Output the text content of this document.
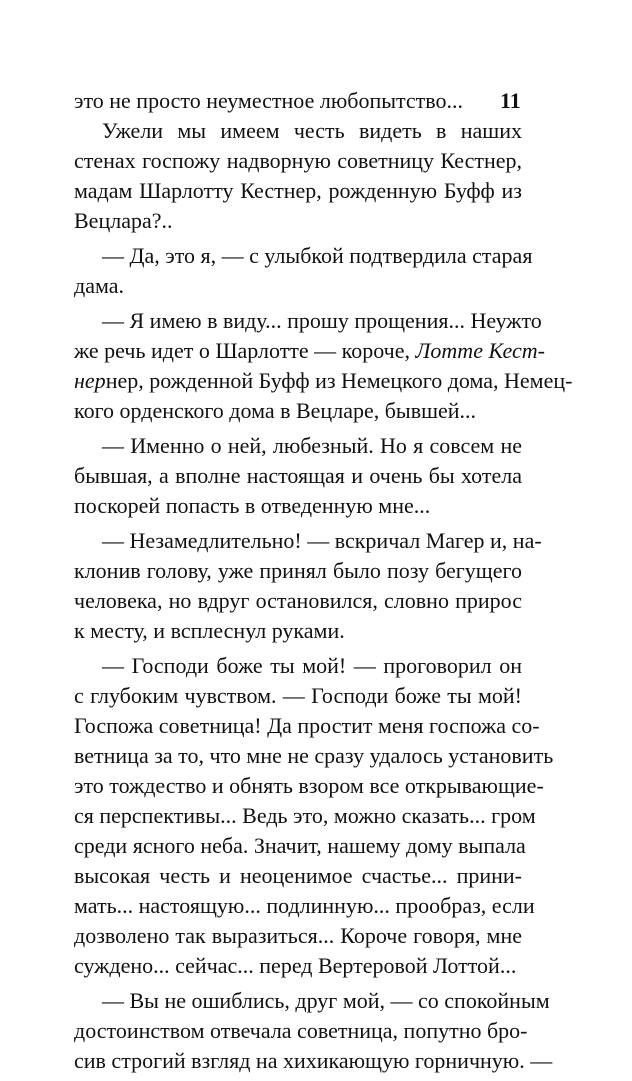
11
это не просто неуместное любопытство...
Ужели мы имеем честь видеть в наших
стенах госпожу надворную советницу Кестнер,
мадам Шарлотту Кестнер, рожденную Буфф из
Вецлара?..
— Да, это я, — с улыбкой подтвердила старая
дама.
— Я имею в виду... прошу прощения... Неужто
же речь идет о Шарлотте — короче, Лотте Кест-
нернер, рожденной Буфф из Немецкого дома, Немец-
кого орденского дома в Вецларе, бывшей...
— Именно о ней, любезный. Но я совсем не
бывшая, а вполне настоящая и очень бы хотела
поскорей попасть в отведенную мне...
— Незамедлительно! — вскричал Магер и, на-
клонив голову, уже принял было позу бегущего
человека, но вдруг остановился, словно прирос
к месту, и всплеснул руками.
— Господи боже ты мой! — проговорил он
с глубоким чувством. — Господи боже ты мой!
Госпожа советница! Да простит меня госпожа со-
ветница за то, что мне не сразу удалось установить
это тождество и обнять взором все открывающие-
ся перспективы... Ведь это, можно сказать... гром
среди ясного неба. Значит, нашему дому выпала
высокая честь и неоценимое счастье... прини-
мать... настоящую... подлинную... прообраз, если
дозволено так выразиться... Короче говоря, мне
суждено... сейчас... перед Вертеровой Лоттой...
— Вы не ошиблись, друг мой, — со спокойным
достоинством отвечала советница, попутно бро-
сив строгий взгляд на хихикающую горничную. —
